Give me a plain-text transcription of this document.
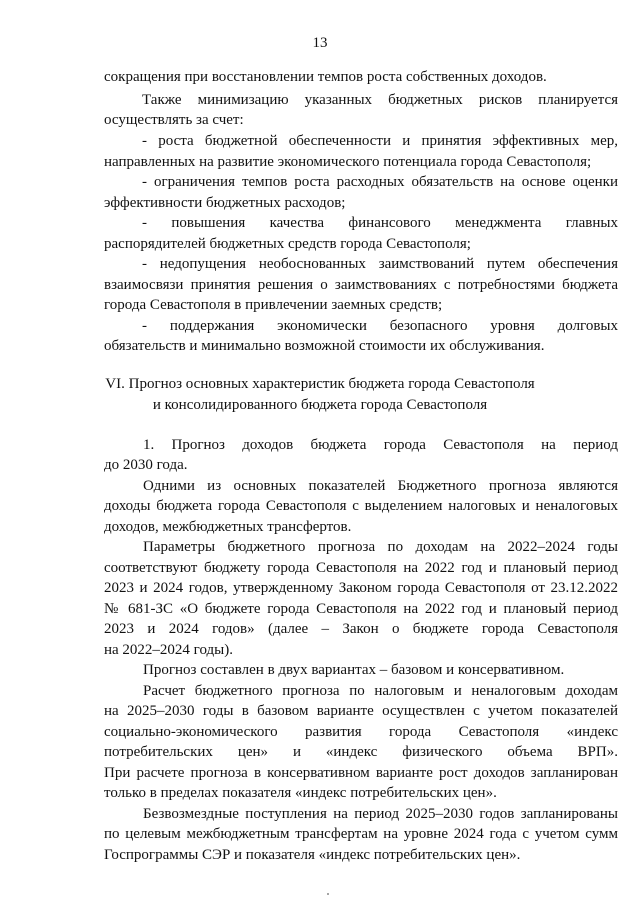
13
сокращения при восстановлении темпов роста собственных доходов.
Также минимизацию указанных бюджетных рисков планируется
осуществлять за счет:
- роста бюджетной обеспеченности и принятия эффективных мер,
направленных на развитие экономического потенциала города Севастополя;
- ограничения темпов роста расходных обязательств на основе оценки
эффективности бюджетных расходов;
- повышения качества финансового менеджмента главных
распорядителей бюджетных средств города Севастополя;
- недопущения необоснованных заимствований путем обеспечения
взаимосвязи принятия решения о заимствованиях с потребностями бюджета
города Севастополя в привлечении заемных средств;
- поддержания экономически безопасного уровня долговых
обязательств и минимально возможной стоимости их обслуживания.
VI. Прогноз основных характеристик бюджета города Севастополя
и консолидированного бюджета города Севастополя
1. Прогноз доходов бюджета города Севастополя на период
до 2030 года.
Одними из основных показателей Бюджетного прогноза являются
доходы бюджета города Севастополя с выделением налоговых и неналоговых
доходов, межбюджетных трансфертов.
Параметры бюджетного прогноза по доходам на 2022–2024 годы
соответствуют бюджету города Севастополя на 2022 год и плановый период
2023 и 2024 годов, утвержденному Законом города Севастополя от 23.12.2022
№ 681-ЗС «О бюджете города Севастополя на 2022 год и плановый период
2023 и 2024 годов» (далее – Закон о бюджете города Севастополя
на 2022–2024 годы).
Прогноз составлен в двух вариантах – базовом и консервативном.
Расчет бюджетного прогноза по налоговым и неналоговым доходам
на 2025–2030 годы в базовом варианте осуществлен с учетом показателей
социально-экономического развития города Севастополя «индекс
потребительских цен» и «индекс физического объема ВРП».
При расчете прогноза в консервативном варианте рост доходов запланирован
только в пределах показателя «индекс потребительских цен».
Безвозмездные поступления на период 2025–2030 годов запланированы
по целевым межбюджетным трансфертам на уровне 2024 года с учетом сумм
Госпрограммы СЭР и показателя «индекс потребительских цен».
